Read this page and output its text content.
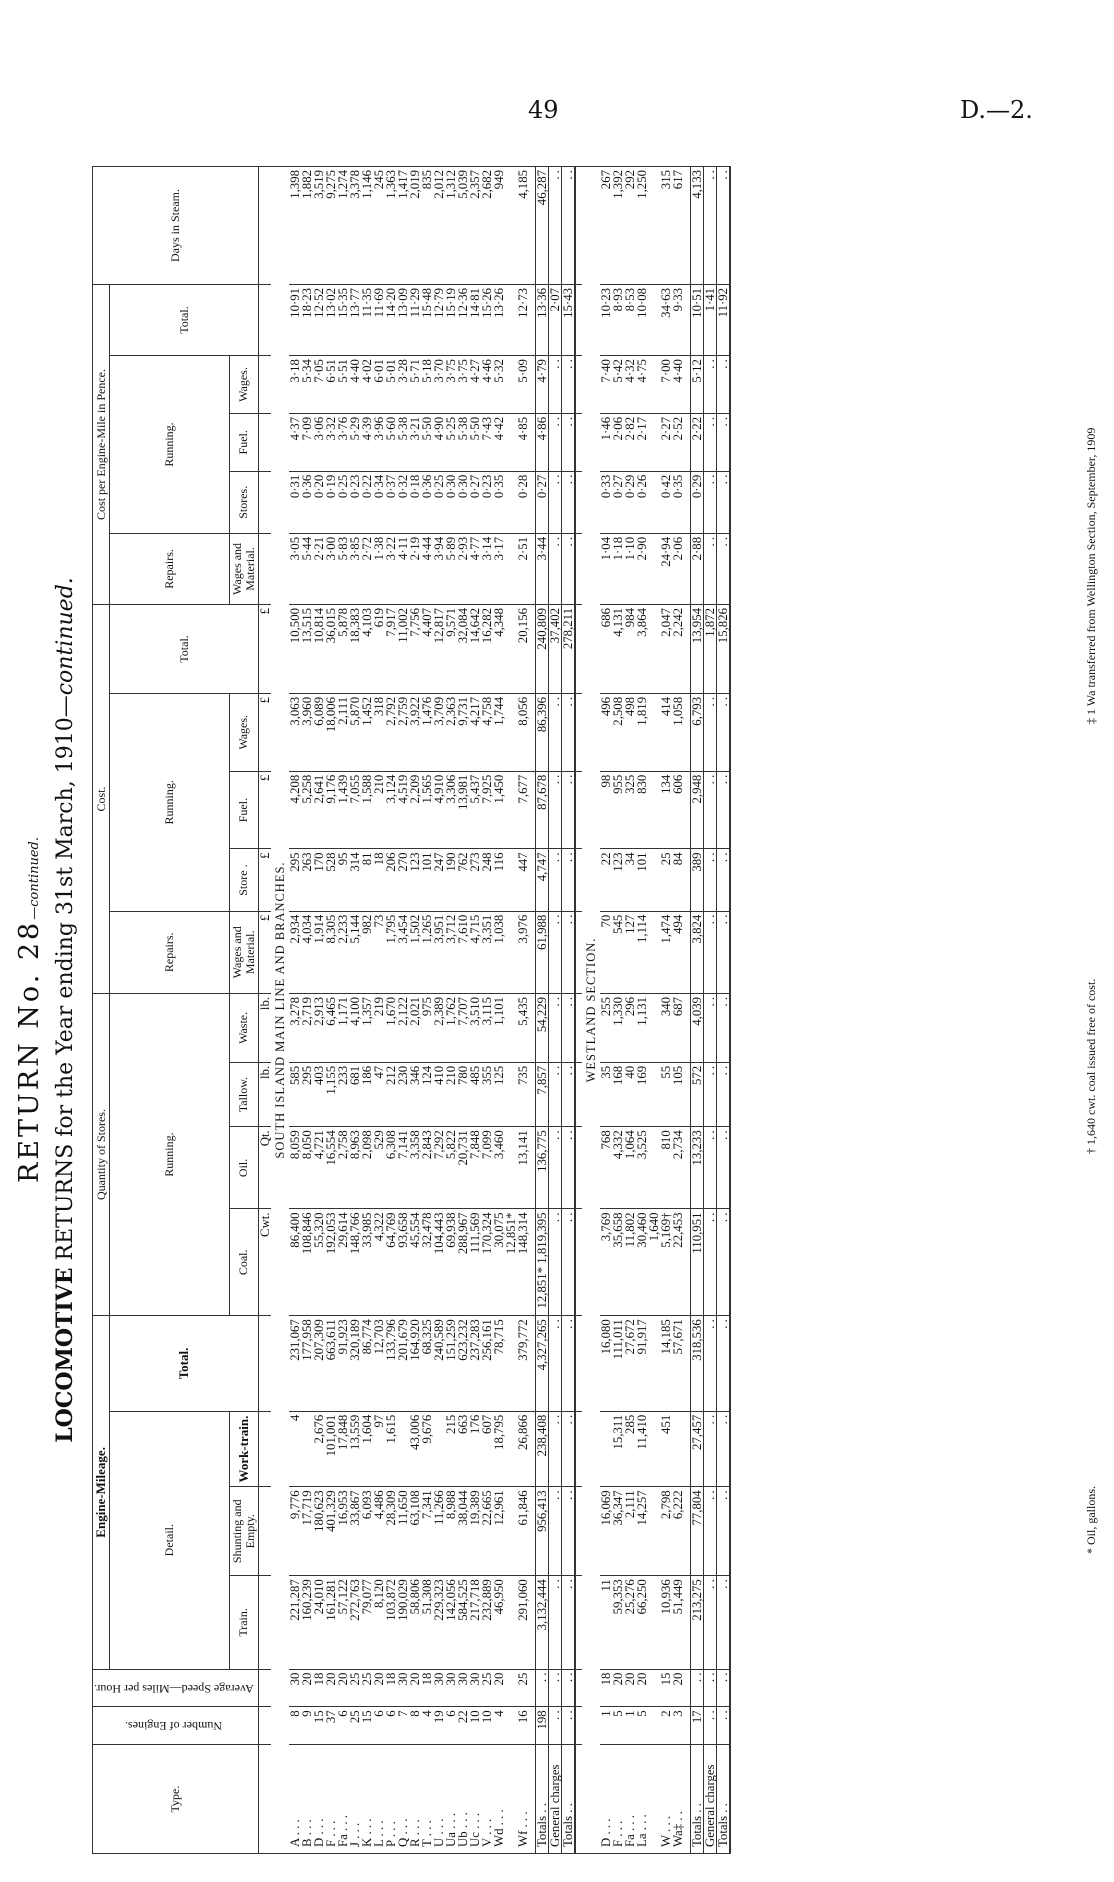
49	D.—2.
RETURN No. 28—continued.
LOCOMOTIVE RETURNS for the Year ending 31st March, 1910—continued.
Type.	Number of Engines.	Average Speed—Miles per Hour.	Engine-Mileage.				Quantity of Stores.				Cost.					Cost per Engine-Mile in Pence.					Days in Steam.
			Detail.			Total.	Running.				Repairs.	Running.			Total.	Repairs.	Running.			Total.	
			Train.	Shunting and Empty.	Work-train.		Coal.	Oil.	Tallow.	Waste.	Wages and Material.	Store .	Fuel.	Wages.		Wages and Material.	Stores.	Fuel.	Wages.		
							Cwt.	Qt.	lb.	lb.	£	£	£	£	£						
SOUTH ISLAND MAIN LINE AND BRANCHES.																					
A . . .	8	30	221,287	9,776	4	231,067	86,400	8,059	585	3,278	2,934	295	4,208	3,063	10,500	3·05	0·31	4·37	3·18	10·91	1,398
B . . .	9	20	160,239	17,719		177,958	108,846	8,050	295	2,719	4,034	263	5,258	3,960	13,515	5·44	0·36	7·09	5·34	18·23	1,882
D . . .	15	18	24,010	180,623	2,676	207,309	55,320	4,721	403	2,913	1,914	170	2,641	6,089	10,814	2·21	0·20	3·06	7·05	12·52	3,519
F . . .	37	20	161,281	401,329	101,001	663,611	192,053	16,554	1,155	6,465	8,305	528	9,176	18,006	36,015	3·00	0·19	3·32	6·51	13·02	9,275
Fa . . .	6	20	57,122	16,953	17,848	91,923	29,614	2,758	233	1,171	2,233	95	1,439	2,111	5,878	5·83	0·25	3·76	5·51	15·35	1,274
J . . .	25	25	272,763	33,867	13,559	320,189	148,766	8,963	681	4,100	5,144	314	7,055	5,870	18,383	3·85	0·23	5·29	4·40	13·77	3,378
K . . .	15	25	79,077	6,093	1,604	86,774	33,985	2,098	186	1,357	982	81	1,588	1,452	4,103	2·72	0·22	4·39	4·02	11·35	1,146
L . . .	6	20	8,120	4,486	97	12,703	4,322	529	47	219	73	18	210	318	619	1·38	0·34	3·96	6·01	11·69	245
P . . .	6	18	103,872	28,309	1,615	133,796	64,769	6,308	212	1,670	1,795	206	3,124	2,792	7,917	3·22	0·37	5·60	5·01	14·20	1,363
Q . . .	7	30	190,029	11,650		201,679	93,658	7,141	230	2,122	3,454	270	4,519	2,759	11,002	4·11	0·32	5·38	3·28	13·09	1,417
R . . .	8	20	58,806	63,108	43,006	164,920	45,554	3,358	346	2,021	1,502	123	2,209	3,922	7,756	2·19	0·18	3·21	5·71	11·29	2,019
T . . .	4	18	51,308	7,341	9,676	68,325	32,478	2,843	124	975	1,265	101	1,565	1,476	4,407	4·44	0·36	5·50	5·18	15·48	835
U . . .	19	30	229,323	11,266		240,589	104,443	7,292	410	2,389	3,951	247	4,910	3,709	12,817	3·94	0·25	4·90	3·70	12·79	2,012
Ua . . .	6	30	142,056	8,988	215	151,259	69,938	5,822	210	1,762	3,712	190	3,306	2,363	9,571	5·89	0·30	5·25	3·75	15·19	1,312
Ub . . .	22	30	584,525	38,044	663	623,232	288,967	20,731	780	7,707	7,610	762	13,981	9,731	32,084	2·93	0·30	5·38	3·75	12·36	5,039
Uc . . .	10	30	217,718	19,389	176	237,283	111,569	7,848	485	3,510	4,715	273	5,437	4,217	14,642	4·77	0·27	5·50	4·27	14·81	2,357
V . . .	10	25	232,889	22,665	607	256,161	170,324	7,099	355	3,115	3,351	248	7,925	4,758	16,282	3·14	0·23	7·43	4·46	15·26	2,682
Wd . . .	4	20	46,950	12,961	18,795	78,715	30,075	3,460	125	1,101	1,038	116	1,450	1,744	4,348	3·17	0·35	4·42	5·32	13·26	949
							12,851*														
Wf . . .	16	25	291,060	61,846	26,866	379,772	148,314	13,141	735	5,435	3,976	447	7,677	8,056	20,156	2·51	0·28	4·85	5·09	12·73	4,185

Totals . .	198	. .	3,132,444	956,413	238,408	4,327,265	12,851* 1,819,395	136,775	7,857	54,229	61,988	4,747	87,678	86,396	240,809	3·44	0·27	4·86	4·79	13·36	46,287
General charges	. .	. .	. .	. .	. .	. .	. .	. .	. .	. .	. .	. .	. .	. .	37,402	. .	. .	. .	. .	2·07	. .
Totals . .	. .	. .	. .	. .	. .	. .	. .	. .	. .	. .	. .	. .	. .	. .	278,211	. .	. .	. .	. .	15·43	. .

WESTLAND SECTION.																					
D . . .	1	18	11	16,069		16,080	3,769	768	35	255	70	22	98	496	686	1·04	0·33	1·46	7·40	10·23	267
F . . .	5	20	59,353	36,347	15,311	111,011	35,658	4,332	168	1,330	545	123	955	2,508	4,131	1·18	0·27	2·06	5·42	8·93	1,392
Fa . . .	1	20	25,276	2,111	285	27,672	11,802	1,064	40	296	127	34	325	498	984	1·10	0·29	2·82	4·32	8·53	292
La . . .	5	20	66,250	14,257	11,410	91,917	30,460	3,525	169	1,131	1,114	101	830	1,819	3,864	2·90	0·26	2·17	4·75	10·08	1,250
							1,640														
W . . .	2	15	10,936	2,798	451	14,185	5,169†	810	55	340	1,474	25	134	414	2,047	24·94	0·42	2·27	7·00	34·63	315
Wa‡ . .	3	20	51,449	6,222		57,671	22,453	2,734	105	687	494	84	606	1,058	2,242	2·06	0·35	2·52	4·40	9·33	617

Totals . .	17	. .	213,275	77,804	27,457	318,536	110,951	13,233	572	4,039	3,824	389	2,948	6,793	13,954	2·88	0·29	2·22	5·12	10·51	4,133
General charges	. .	. .	. .	. .	. .	. .	. .	. .	. .	. .	. .	. .	. .	. .	1,872	. .	. .	. .	. .	1·41	. .
Totals . .	. .	. .	. .	. .	. .	. .	. .	. .	. .	. .	. .	. .	. .	. .	15,826	. .	. .	. .	. .	11·92	. .
* Oil, gallons.
† 1,640 cwt. coal issued free of cost.
‡ 1 Wa transferred from Wellington Section, September, 1909
